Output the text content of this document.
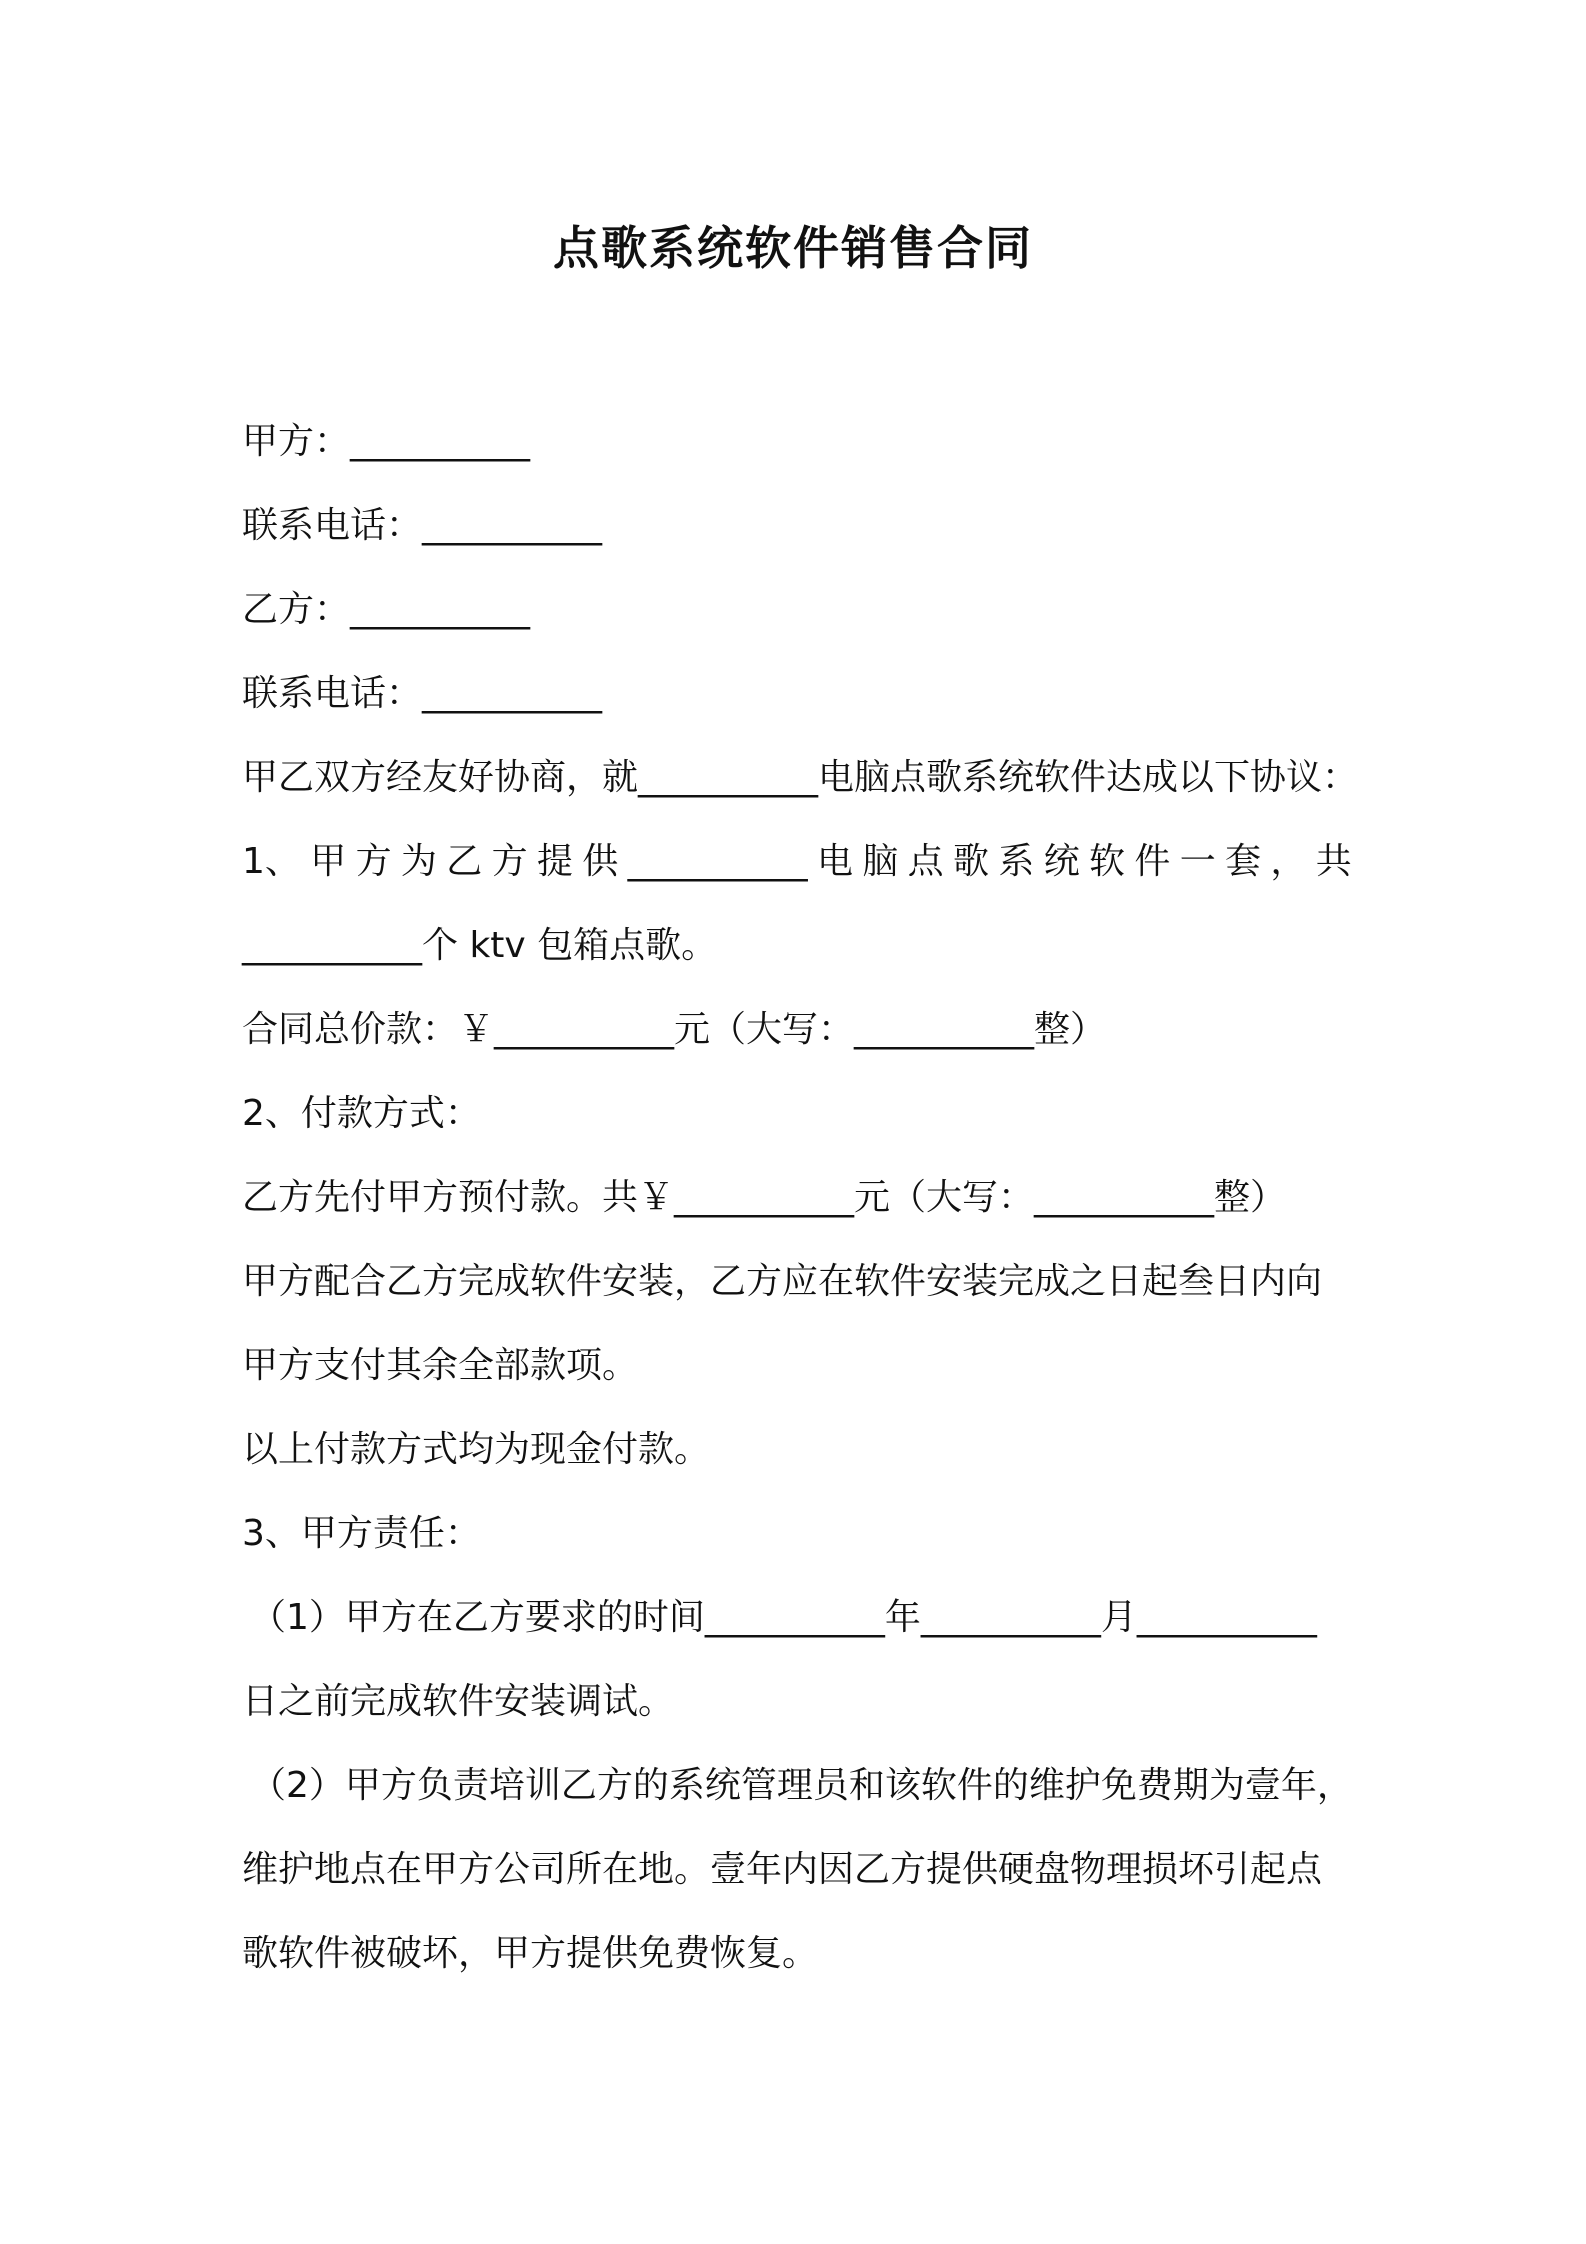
点歌系统软件销售合同
甲方：__________
联系电话：__________
乙方：__________
联系电话：__________
甲乙双方经友好协商，就__________电脑点歌系统软件达成以下协议：
1、 甲 方 为 乙 方 提 供 __________ 电 脑 点 歌 系 统 软 件 一 套 ， 共
__________个 ktv 包箱点歌。
合同总价款：￥__________元（大写：__________整）
2、付款方式：
乙方先付甲方预付款。共￥__________元（大写：__________整）
甲方配合乙方完成软件安装，乙方应在软件安装完成之日起叁日内向
甲方支付其余全部款项。
以上付款方式均为现金付款。
3、甲方责任：
（1）甲方在乙方要求的时间__________年__________月__________
日之前完成软件安装调试。
（2）甲方负责培训乙方的系统管理员和该软件的维护免费期为壹年，
维护地点在甲方公司所在地。壹年内因乙方提供硬盘物理损坏引起点
歌软件被破坏，甲方提供免费恢复。
